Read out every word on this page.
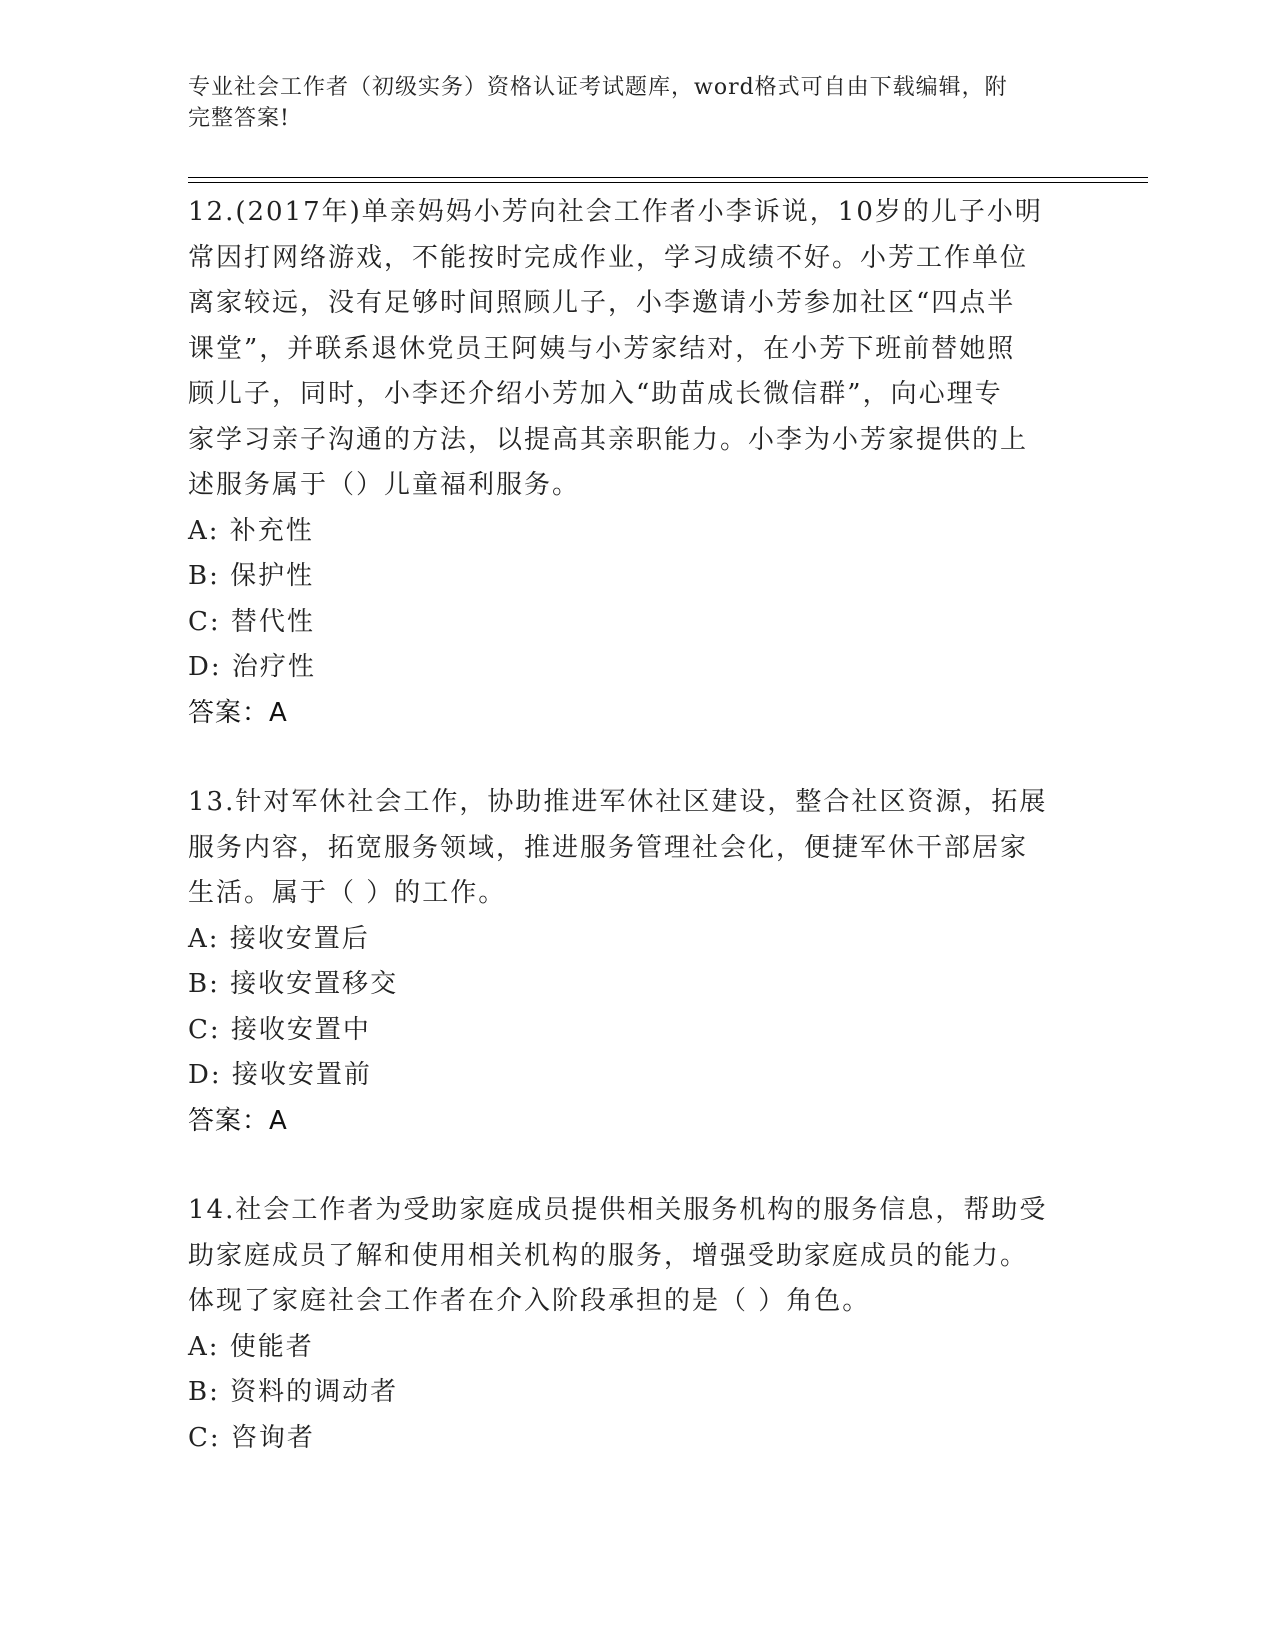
专业社会工作者（初级实务）资格认证考试题库，word格式可自由下载编辑，附
完整答案!

12.(2017年)单亲妈妈小芳向社会工作者小李诉说，10岁的儿子小明

常因打网络游戏，不能按时完成作业，学习成绩不好。小芳工作单位

离家较远，没有足够时间照顾儿子，小李邀请小芳参加社区“四点半

课堂”，并联系退休党员王阿姨与小芳家结对，在小芳下班前替她照

顾儿子，同时，小李还介绍小芳加入“助苗成长微信群”，向心理专

家学习亲子沟通的方法，以提高其亲职能力。小李为小芳家提供的上

述服务属于（）儿童福利服务。

A: 补充性

B: 保护性

C: 替代性

D: 治疗性

答案：A

13.针对军休社会工作，协助推进军休社区建设，整合社区资源，拓展

服务内容，拓宽服务领域，推进服务管理社会化，便捷军休干部居家

生活。属于（ ）的工作。

A: 接收安置后

B: 接收安置移交

C: 接收安置中

D: 接收安置前

答案：A

14.社会工作者为受助家庭成员提供相关服务机构的服务信息，帮助受

助家庭成员了解和使用相关机构的服务，增强受助家庭成员的能力。

体现了家庭社会工作者在介入阶段承担的是（ ）角色。

A: 使能者

B: 资料的调动者

C: 咨询者
